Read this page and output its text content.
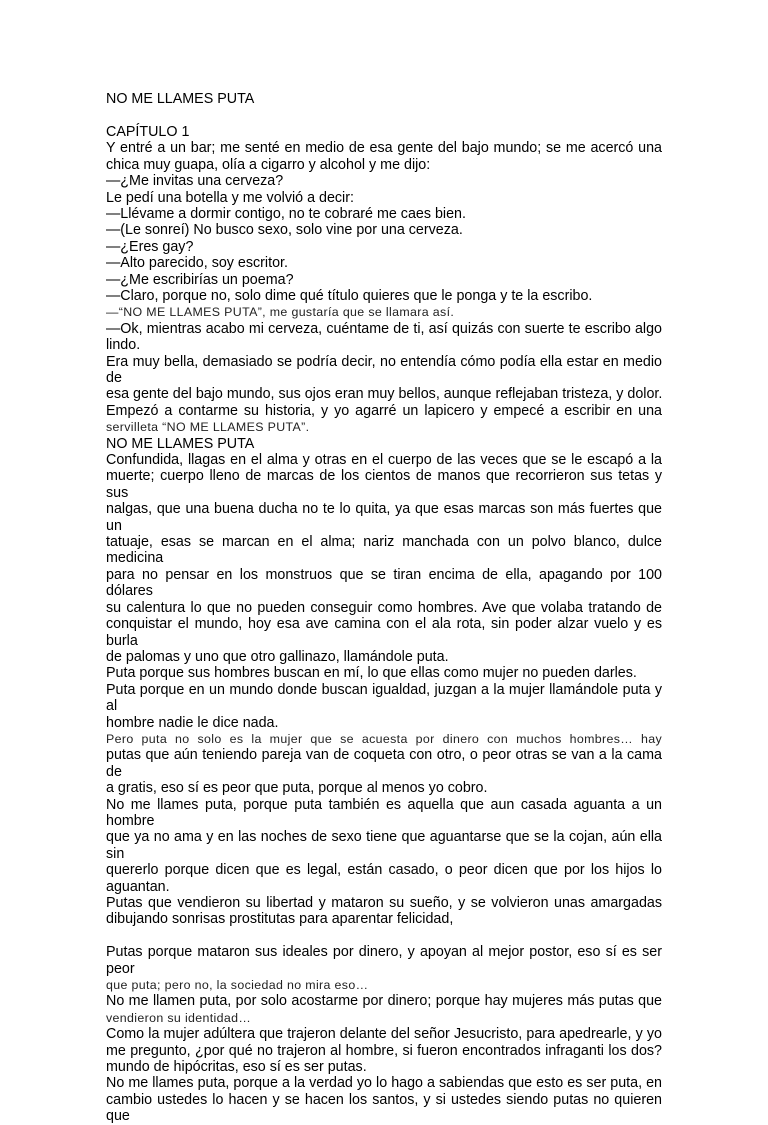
NO ME LLAMES PUTA
CAPÍTULO 1
Y entré a un bar; me senté en medio de esa gente del bajo mundo; se me acercó una
chica muy guapa, olía a cigarro y alcohol y me dijo:
—¿Me invitas una cerveza?
Le pedí una botella y me volvió a decir:
—Llévame a dormir contigo, no te cobraré me caes bien.
—(Le sonreí) No busco sexo, solo vine por una cerveza.
—¿Eres gay?
—Alto parecido, soy escritor.
—¿Me escribirías un poema?
—Claro, porque no, solo dime qué título quieres que le ponga y te la escribo.
—“NO ME LLAMES PUTA”, me gustaría que se llamara así.
—Ok, mientras acabo mi cerveza, cuéntame de ti, así quizás con suerte te escribo algo
lindo.
Era muy bella, demasiado se podría decir, no entendía cómo podía ella estar en medio de
esa gente del bajo mundo, sus ojos eran muy bellos, aunque reflejaban tristeza, y dolor.
Empezó a contarme su historia, y yo agarré un lapicero y empecé a escribir en una
servilleta “NO ME LLAMES PUTA”.
NO ME LLAMES PUTA
Confundida, llagas en el alma y otras en el cuerpo de las veces que se le escapó a la
muerte; cuerpo lleno de marcas de los cientos de manos que recorrieron sus tetas y sus
nalgas, que una buena ducha no te lo quita, ya que esas marcas son más fuertes que un
tatuaje, esas se marcan en el alma; nariz manchada con un polvo blanco, dulce medicina
para no pensar en los monstruos que se tiran encima de ella, apagando por 100 dólares
su calentura lo que no pueden conseguir como hombres. Ave que volaba tratando de
conquistar el mundo, hoy esa ave camina con el ala rota, sin poder alzar vuelo y es burla
de palomas y uno que otro gallinazo, llamándole puta.
Puta porque sus hombres buscan en mí, lo que ellas como mujer no pueden darles.
Puta porque en un mundo donde buscan igualdad, juzgan a la mujer llamándole puta y al
hombre nadie le dice nada.
Pero puta no solo es la mujer que se acuesta por dinero con muchos hombres… hay
putas que aún teniendo pareja van de coqueta con otro, o peor otras se van a la cama de
a gratis, eso sí es peor que puta, porque al menos yo cobro.
No me llames puta, porque puta también es aquella que aun casada aguanta a un hombre
que ya no ama y en las noches de sexo tiene que aguantarse que se la cojan, aún ella sin
quererlo porque dicen que es legal, están casado, o peor dicen que por los hijos lo
aguantan.
Putas que vendieron su libertad y mataron su sueño, y se volvieron unas amargadas
dibujando sonrisas prostitutas para aparentar felicidad,
Putas porque mataron sus ideales por dinero, y apoyan al mejor postor, eso sí es ser peor
que puta; pero no, la sociedad no mira eso…
No me llamen puta, por solo acostarme por dinero; porque hay mujeres más putas que
vendieron su identidad…
Como la mujer adúltera que trajeron delante del señor Jesucristo, para apedrearle, y yo
me pregunto, ¿por qué no trajeron al hombre, si fueron encontrados infraganti los dos?
mundo de hipócritas, eso sí es ser putas.
No me llames puta, porque a la verdad yo lo hago a sabiendas que esto es ser puta, en
cambio ustedes lo hacen y se hacen los santos, y si ustedes siendo putas no quieren que
